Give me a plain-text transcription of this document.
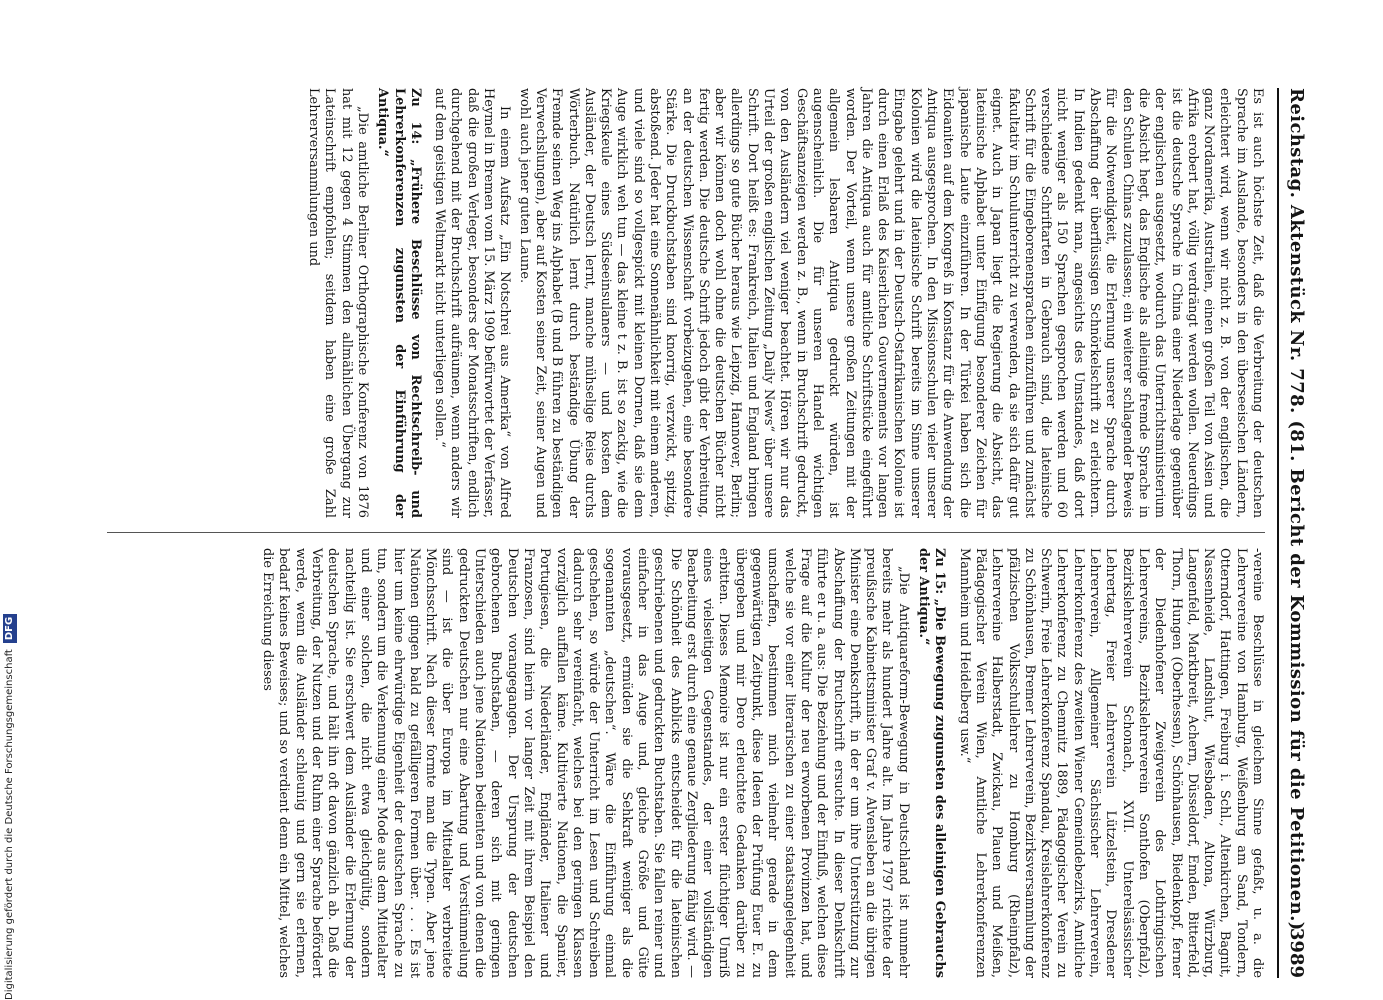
Reichstag. Aktenstück Nr. 778. (81. Bericht der Kommission für die Petitionen.)
3989

Es ist auch höchste Zeit, daß die Verbreitung der deutschen Sprache im Auslande, besonders in den überseeischen Ländern, erleichtert wird, wenn wir nicht z. B. von der englischen, die ganz Nordamerika, Australien, einen großen Teil von Asien und Afrika erobert hat, völlig verdrängt werden wollen. Neuerdings ist die deutsche Sprache in China einer Niederlage gegenüber der englischen ausgesetzt, wodurch das Unterrichtsministerium die Absicht hegt, das Englische als alleinige fremde Sprache in den Schulen Chinas zuzulassen; ein weiterer schlagender Beweis für die Notwendigkeit, die Erlernung unserer Sprache durch Abschaffung der überflüssigen Schnörkelschrift zu erleichtern. In Indien gedenkt man, angesichts des Umstandes, daß dort nicht weniger als 150 Sprachen gesprochen werden und 60 verschiedene Schriftarten in Gebrauch sind, die lateinische Schrift für die Eingeborenensprachen einzuführen und zunächst fakultativ im Schulunterricht zu verwenden, da sie sich dafür gut eignet. Auch in Japan liegt die Regierung die Absicht, das lateinische Alphabet unter Einfügung besonderer Zeichen für japanische Laute einzuführen. In der Türkei haben sich die Eidoaniten auf dem Kongreß in Konstanz für die Anwendung der Antiqua ausgesprochen. In den Missionsschulen vieler unserer Kolonien wird die lateinische Schrift bereits im Sinne unserer Eingabe gelehrt und in der Deutsch-Ostafrikanischen Kolonie ist durch einen Erlaß des Kaiserlichen Gouvernements vor langen Jahren die Antiqua auch für amtliche Schriftstücke eingeführt worden. Der Vorteil, wenn unsere großen Zeitungen mit der allgemein lesbaren Antiqua gedruckt würden, ist augenscheinlich. Die für unseren Handel wichtigen Geschäftsanzeigen werden z. B., wenn in Bruchschrift gedruckt, von den Ausländern viel weniger beachtet. Hören wir nur das Urteil der großen englischen Zeitung „Daily News“ über unsere Schrift. Dort heißt es: Frankreich, Italien und England bringen allerdings so gute Bücher heraus wie Leipzig, Hannover, Berlin; aber wir können doch wohl ohne die deutschen Bücher nicht fertig werden. Die deutsche Schrift jedoch gibt der Verbreitung, an der deutschen Wissenschaft vorbeizugehen, eine besondere Stärke. Die Druckbuchstaben sind knorrig, verzwickt, spitzig, abstoßend. Jeder hat eine Sonnenähnlichkeit mit einem anderen, und viele sind so vollgespickt mit kleinen Dornen, daß sie dem Auge wirklich weh tun — das kleine t z. B. ist so zackig, wie die Kriegskeule eines Südseeinsulaners — und kosten dem Ausländer, der Deutsch lernt, manche mühselige Reise durchs Wörterbuch. Natürlich lernt durch beständige Übung der Fremde seinen Weg ins Alphabet (B und B führen zu beständigen Verwechslungen), aber auf Kosten seiner Zeit, seiner Augen und wohl auch jener guten Laune.

In einem Aufsatz „Ein Notschrei aus Amerika“ von Alfred Heymel in Bremen vom 15. März 1909 befürwortet der Verfasser, daß die großen Verleger, besonders der Monatsschriften, endlich durchgehend mit der Bruchschrift aufräumen, wenn anders wir auf dem geistigen Weltmarkt nicht unterliegen sollen.“

Zu 14: „Frühere Beschlüsse von Rechtschreib- und Lehrerkonferenzen zugunsten der Einführung der Antiqua.“

„Die amtliche Berliner Orthographische Konferenz von 1876 hat mit 12 gegen 4 Stimmen den allmählichen Übergang zur Lateinschrift empfohlen; seitdem haben eine große Zahl Lehrerversammlungen und

-vereine Beschlüsse in gleichem Sinne gefaßt, u. a. die Lehrervereine von Hamburg, Weißenburg am Sand, Tondern, Otterndorf, Hattingen, Freiburg i. Schl., Altenkirchen, Bagnit, Nassenheide, Landshut, Wiesbaden, Altona, Würzburg, Langenfeld, Marktbreit, Achern, Düsseldorf, Emden, Bitterfeld, Thorn, Hungen (Oberhessen), Schönhausen, Biedenkopf, ferner der Diedenhofener Zweigverein des Lothringischen Lehrervereins, Bezirkslehrerverein Sonthofen (Oberpfalz), Bezirkslehrerverein Schonach, XVII. Unterelsässischer Lehrertag, Freier Lehrerverein Lützelstein, Dresdener Lehrerverein, Allgemeiner Sächsischer Lehrerverein, Lehrerkonferenz des zweiten Wiener Gemeindebezirks, Amtliche Lehrerkonferenz zu Chemnitz 1889, Pädagogischer Verein zu Schwerin, Freie Lehrerkonferenz Spandau, Kreislehrerkonferenz zu Schönhausen, Bremer Lehrerverein, Bezirksversammlung der pfälzischen Volksschullehrer zu Homburg (Rheinpfalz), Lehrervereine Halberstadt, Zwickau, Plauen und Meißen, Pädagogischer Verein Wien, Amtliche Lehrerkonferenzen Mannheim und Heidelberg usw.“

Zu 15: „Die Bewegung zugunsten des alleinigen Gebrauchs der Antiqua.“

„Die Antiquareform-Bewegung in Deutschland ist nunmehr bereits mehr als hundert Jahre alt. Im Jahre 1797 richtete der preußische Kabinettsminister Graf v. Alvensleben an die übrigen Minister eine Denkschrift, in der er um ihre Unterstützung zur Abschaffung der Bruchschrift ersuchte. In dieser Denkschrift führte er u. a. aus: Die Beziehung und der Einfluß, welchen diese Frage auf die Kultur der neu erworbenen Provinzen hat, und welche sie vor einer literarischen zu einer staatsangelegenheit umschaffen, bestimmen mich vielmehr gerade in dem gegenwärtigen Zeitpunkt, diese Ideen der Prüfung Euer E. zu übergeben und mir Dero erleuchtete Gedanken darüber zu erbitten. Dieses Memoire ist nur ein erster flüchtiger Umriß eines vielseitigen Gegenstandes, der einer vollständigen Bearbeitung erst durch eine genaue Zergliederung fähig wird. — Die Schönheit des Anblicks entscheidet für die lateinischen geschriebenen und gedruckten Buchstaben. Sie fallen reiner und einfacher in das Auge und, gleiche Größe und Güte vorausgesetzt, ermüden sie die Sehkraft weniger als die sogenannten „deutschen“. Wäre die Einführung einmal geschehen, so würde der Unterricht im Lesen und Schreiben dadurch sehr vereinfacht, welches bei den geringen Klassen vorzüglich auffallen käme. Kultivierte Nationen, die Spanier, Portugiesen, die Niederländer, Engländer, Italiener und Franzosen, sind hierin vor langer Zeit mit ihrem Beispiel den Deutschen vorangegangen. Der Ursprung der deutschen gebrochenen Buchstaben, — deren sich mit geringen Unterschieden auch jene Nationen bedienten und von denen die gedruckten Deutschen nur eine Abartung und Verstümmelung sind — ist die über Europa im Mittelalter verbreitete Mönchsschrift. Nach dieser formte man die Typen. Aber jene Nationen gingen bald zu gefälligeren Formen über. . . . Es ist hier um keine ehrwürdige Eigenheit der deutschen Sprache zu tun, sondern um die Verkennung einer Mode aus dem Mittelalter und einer solchen, die nicht etwa gleichgültig, sondern nachteilig ist. Sie erschwert dem Ausländer die Erlernung der deutschen Sprache, und hält ihn oft davon gänzlich ab. Daß die Verbreitung, der Nutzen und der Ruhm einer Sprache befördert werde, wenn die Ausländer schleunig und gern sie erlernen, bedarf keines Beweises; und so verdient denn ein Mittel, welches die Erreichung dieses

Digitalisierung gefördert durch die Deutsche ForschungsgemeinschaftDFG
